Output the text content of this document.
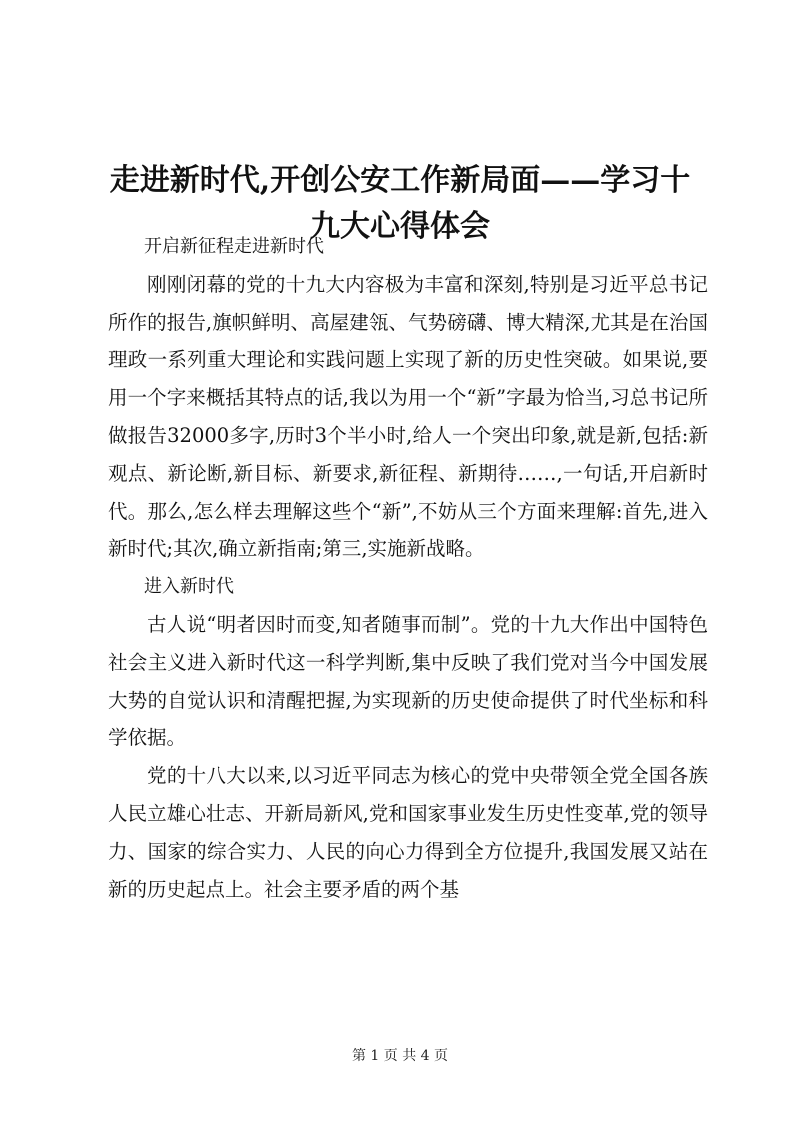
走进新时代,开创公安工作新局面——学习十
九大心得体会

开启新征程走进新时代

刚刚闭幕的党的十九大内容极为丰富和深刻,特别是习近平总书记所作的报告,旗帜鲜明、高屋建瓴、气势磅礴、博大精深,尤其是在治国理政一系列重大理论和实践问题上实现了新的历史性突破。如果说,要用一个字来概括其特点的话,我以为用一个“新”字最为恰当,习总书记所做报告32000多字,历时3个半小时,给人一个突出印象,就是新,包括:新观点、新论断,新目标、新要求,新征程、新期待……,一句话,开启新时代。那么,怎么样去理解这些个“新”,不妨从三个方面来理解:首先,进入新时代;其次,确立新指南;第三,实施新战略。

进入新时代

古人说“明者因时而变,知者随事而制”。党的十九大作出中国特色社会主义进入新时代这一科学判断,集中反映了我们党对当今中国发展大势的自觉认识和清醒把握,为实现新的历史使命提供了时代坐标和科学依据。

党的十八大以来,以习近平同志为核心的党中央带领全党全国各族人民立雄心壮志、开新局新风,党和国家事业发生历史性变革,党的领导力、国家的综合实力、人民的向心力得到全方位提升,我国发展又站在新的历史起点上。社会主要矛盾的两个基

第 1 页 共 4 页
